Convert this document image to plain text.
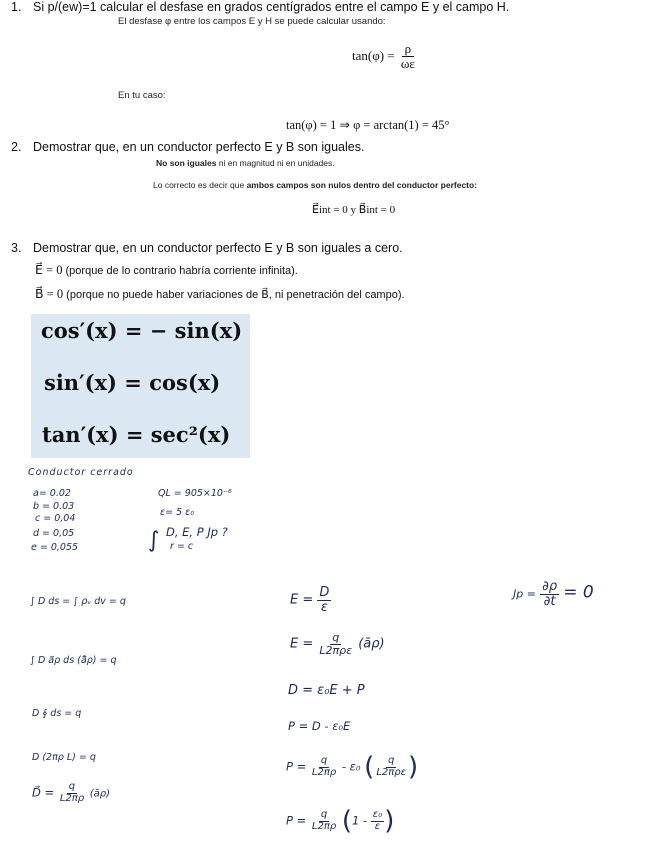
1. Si p/(ew)=1 calcular el desfase en grados centígrados entre el campo E y el campo H.
El desfase φ entre los campos E y H se puede calcular usando:
$\tan(\varphi) = \frac{\rho}{\omega\varepsilon}$
En tu caso:
tan(φ) = 1 ⇒ φ = arctan(1) = 45°
2. Demostrar que, en un conductor perfecto E y B son iguales.
No son iguales ni en magnitud ni en unidades.
Lo correcto es decir que ambos campos son nulos dentro del conductor perfecto:
E⃗int = 0 y B⃗int = 0
3. Demostrar que, en un conductor perfecto E y B son iguales a cero.
E⃗ = 0 (porque de lo contrario habría corriente infinita).
B⃗ = 0 (porque no puede haber variaciones de B⃗, ni penetración del campo).
cos′(x) = − sin(x)
sin′(x) = cos(x)
tan′(x) = sec²(x)
Conductor cerrado
a= 0.02
b = 0.03
c = 0,04
d = 0,05
e = 0,055
QL = 905×10⁻⁶
ε= 5 ε₀
∫ D, E, P Jp ?
r = c
∫ D ds = ∫ ρᵥ dv = q
∫ D a⃗ρ ds (ā⃗ρ) = q
D ∮ ds = q
D (2πρ L) = q
D⃗ = $\frac{q}{L2\pi\rho}$ (āρ)
$E = \frac{D}{\varepsilon}$
E = q
L2πρε (āρ)
D = ε₀E + P
P = D - ε₀E
$P = \frac{q}{L2\pi\rho} - \varepsilon_0$ ( q
L2πρε )
$P = \frac{q}{L2\pi\rho} (1 - \frac{\text{ε₀}}{\varepsilon}$ )
$Jp = \frac{\partial\rho}{\partial t} = 0$
